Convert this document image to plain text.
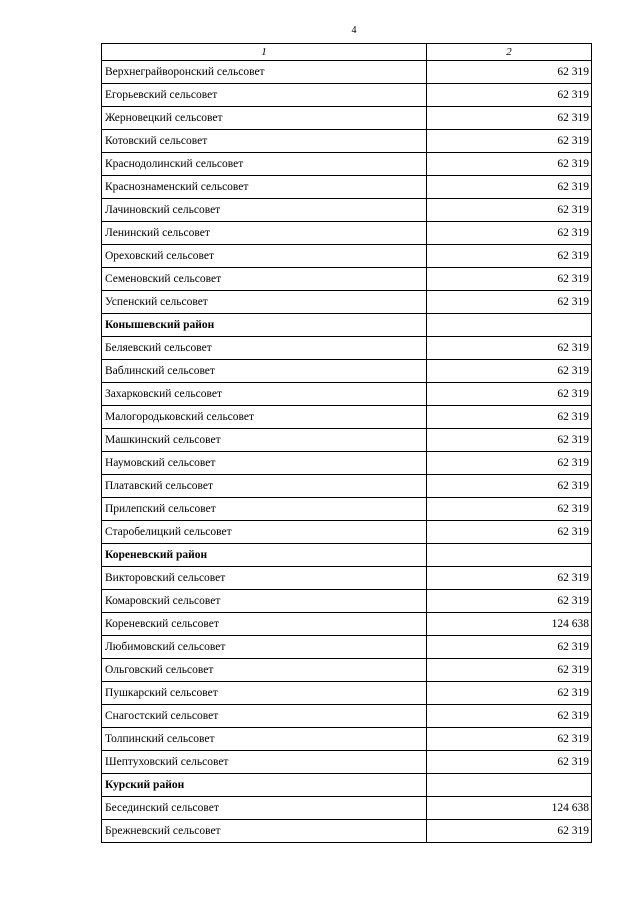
4
1	2
Верхнеграйворонский сельсовет	62 319
Егорьевский сельсовет	62 319
Жерновецкий сельсовет	62 319
Котовский сельсовет	62 319
Краснодолинский сельсовет	62 319
Краснознаменский сельсовет	62 319
Лачиновский сельсовет	62 319
Ленинский сельсовет	62 319
Ореховский сельсовет	62 319
Семеновский сельсовет	62 319
Успенский сельсовет	62 319
Конышевский район	
Беляевский сельсовет	62 319
Ваблинский сельсовет	62 319
Захарковский сельсовет	62 319
Малогородьковский сельсовет	62 319
Машкинский сельсовет	62 319
Наумовский сельсовет	62 319
Платавский сельсовет	62 319
Прилепский сельсовет	62 319
Старобелицкий сельсовет	62 319
Кореневский район	
Викторовский сельсовет	62 319
Комаровский сельсовет	62 319
Кореневский сельсовет	124 638
Любимовский сельсовет	62 319
Ольговский сельсовет	62 319
Пушкарский сельсовет	62 319
Снагостский сельсовет	62 319
Толпинский сельсовет	62 319
Шептуховский сельсовет	62 319
Курский район	
Бесединский сельсовет	124 638
Брежневский сельсовет	62 319
